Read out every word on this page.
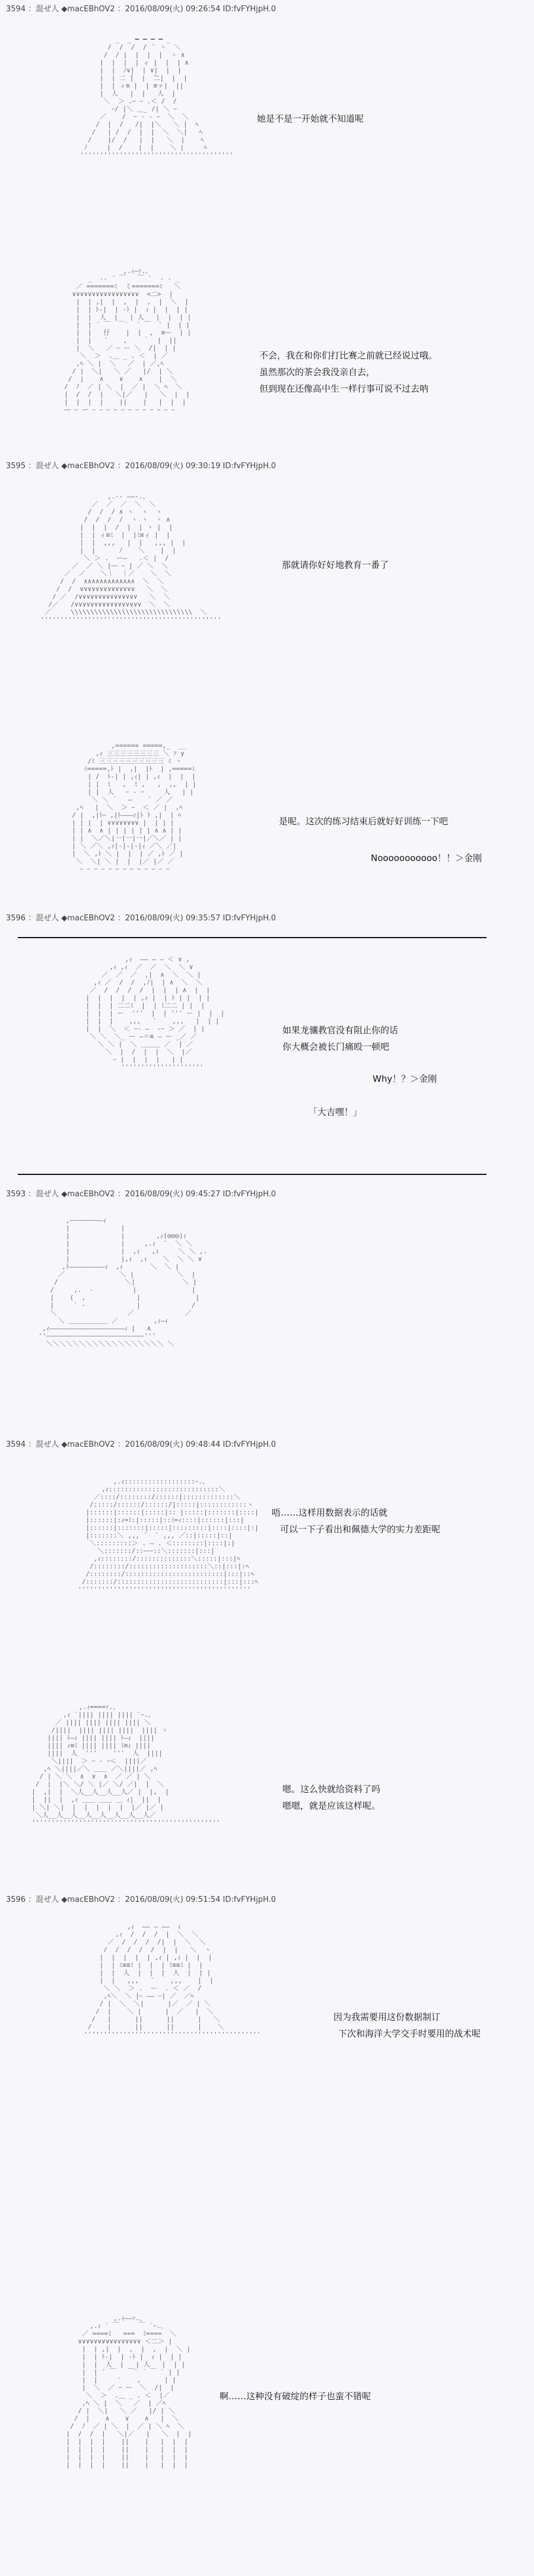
3594 ：混ぜ人 ◆macEBhOV2 ：2016/08/09(火) 09:26:54 ID:fvFYHjpH.0
_  _ ━ ━ ━ ━ _
/  /  /  /  ﾟ ヽ  ＼
/  / |  |  |  |  ヽ ∧
|  |  |  | ィ |  |  | ∧
|  |  ﾉ∨|  | ∨|  |  |
|  | 二 ̄|  |  ̄二|  |  |
|  | ィ≡ |  | ≡ァ|  ||
|  人   |  |   人  |
＼  ＞ .ｰ ｰ .＜ /  /
ｰ/ |＼ ＿_ /| ＼ ｰ
／    /  ｰ ‐ ‐ ｰ  ＼  ＼
/  |  /   /|  |＼   ＼ |  ﾍ
/   | /  /  |  |  ＼  ＼|   ﾍ
/    |/  /   |  |   ＼  |    ﾍ
ﾉ     |  /    |  |    ＼ |     ﾍ
'''''''''''''''''''''''''''''''''''''''
她是不是一开始就不知道呢
,.ｨ―ｧ.、
_  -‐ ´ ￣   ￣ `  ‐ - _
／ =======ﾐ  ミ=======ﾐ   ＼
∨∨∨∨∨∨∨∨∨∨∨∨∨∨∨∨∨  <二>  |
|  | ,|  |  ,  |  ,  |  ＼  |
|  | ﾄ-|  | -ﾄ |  ｨ |  |  | |
|  |  人  |   | 人   |  |  | |
|  | ´ ￣  ￣`  ´ ￣  ` |  | |
|  |   仔    |  |  ,  ≡ー  | |
|  |   ´    ,    ｀  |  ||
|  ＼   ／ ｰ ー ＼  /|  | |
＼  ＞  .＿ _ . ＜  | ／
,ﾍ ＼ |  ＼   ／  | ／,ﾍ
/ |  ＼|   ＼ ／   |/  | ＼
/  |    ∧    ∨    ∧    |  ＼
/  ﾉ  ／ | ＼  |  ／ |  ＼ ﾍ  ＼
|  /  /  |   ＼|／   |   ＼  |  |
|  |  |  |    ||    |   |  |  |
ｰｰ ｰ ー ｰ ｰ ｰ ｰ ｰ ｰ ｰ ｰ ｰ ｰ ｰ ｰ
不会，我在和你们打比赛之前就已经说过哦。
虽然那次的茶会我没亲自去，
但到现在还像高中生一样行事可说不过去呐
3595 ：混ぜ人 ◆macEBhOV2 ：2016/08/09(火) 09:30:19 ID:fvFYHjpH.0
,.-‐ ――-.、
／  ／  ／  ＼  ＼
/  /  / ∧ ヽ  ヽ  ヽ
/  /  /  /  ヽ ヽ  ヽ ∧
|  |  |  /  |  | ヽ |  |
|  | ィ≡ﾐ  |  |ﾐ≡ィ |  |
|  |  ,,,   |  |   ,,, |  |
|  |      ﾉ    ＼    |  |
＼ ＞ .  ー―   .＜ |  /
／  ／ ＼ |ｰｰ ｰ | ／ ＼  ＼
／  ／    ＼｜  ｜／    ＼  ＼
/  /  ∧∧∧∧∧∧∧∧∧∧∧∧∧  ＼  ＼
/  /  ∨∨∨∨∨∨∨∨∨∨∨∨∨∨   ＼  ＼
/ ／  /∨∨∨∨∨∨∨∨∨∨∨∨∨∨∨   ＼  ＼
/／   /∨∨∨∨∨∨∨∨∨∨∨∨∨∨∨∨∨  ＼  ＼
／     \\\\\\\\\\\\\\\\\\\\\\\\\\\\\\\  ＼
''''''''''''''''''''''''''''''''''''''''''''''
那就请你好好地教育一番了
,====== =====,_  __
,ｨ 三三三三三三三三 ＼ ｿ y
/ﾐ 三三三三三三三三三三 ﾐ ヽ
ﾐ=====,ﾄ |  ,|  |ﾄ  | ,=====ﾐ
| /  ﾄ-| | ,ｨ| | ,ｨ  |  |  |
| |  ﾐ   ,  ﾐ ,   ,  ,,  | |
| |  人   ｰ ‐ ｰ     人   | |
＼ ＼ ´   ―    ` ／ ／
,ﾍ   |  ＼  ＞ ｰ  ＜ ／ |  ,ﾍ
/ |  ,|ﾄｰ ,|ﾄ―――ｨ|ﾄ ﾄ ,|  | ﾍ
| | |  | ∨∨∨∨∨∨∨∨ |  | | |
| | ∧  ∧ | | | | | | ∧ ∧ | |
| |  ＼／＼|一|一|一|／＼／ | |
| ＼ ／＼ ,ｨ|‐|‐|‐|ｨ ／＼ ／|
|  ＼ ,ﾄ ＼ |  |  | ／ ,ﾄ ／ |
＼  ＼| ＼ |  |  |／ |／ ／
ｰ ｰ ｰ ｰ ｰ ｰ ｰ ｰ ｰ ｰ ｰ ｰ ｰ
是呢。这次的练习结束后就好好训练一下吧
Nooooooooooo！！＞金刚
3596 ：混ぜ人 ◆macEBhOV2 ：2016/08/09(火) 09:35:57 ID:fvFYHjpH.0
,ｨ  ―― ― ― ＜ ∨ ,
,ｨ ,ｨ  ／  ／  ＼  ＼ ∨
／  ／  ／  ,|  ∧  ＼  ＼ |
,ｨ ／  /  /  ,ﾉ|  | ∧  ＼  ＼
／  /  /  /  /  |  |  | ∧  |  |
|  |  |  |  | ,ｨ |  | ﾄ | |  | |
|  |  | 二二ﾐ  |  | ﾐ二二 | |  |
|  |  | ー  '''  |  | ''' ー |  |  |
|  |  |    ,,,   ′    ,,,   |  | |
|  |  ＼  ＜ ｰ‐ ―  ‐ｰ ＞ ／  | |
＼ ＼  ＼_ ー ―＝≡ ― ー _／ ／
＼ ＼ |  ＼ ＿＿＿ ／  | ／
＼  |  /  |  |  ＼  |／
ｰ |  |  |  |   | |
'''''''''''''''''''''
如果龙骧教官没有阻止你的话
你大概会被长门痛殴一顿吧
Why！？＞金刚
「大吉嘿！」
3593 ：混ぜ人 ◆macEBhOV2 ：2016/08/09(火) 09:45:27 ID:fvFYHjpH.0
,ｰｰｰｰｰｰｰｰｰ―ｨ
|             |
|             |        ,ｨ(◎◎◎)ｨ
|             |     ,.ｨ  ̄   ＼ ＼
|             |  ,ｨ   ,ｨ     ＼ ＼ ,.
|             |,ｨ  ,ｨ    ＼  ＼ ＼ ∨
,ﾄ―――――――――ｨ  ,ｨ       ＼  ＼ |
／              ＼ |           ＼  |
/                 ＼|            ＼ |
/     ,.  ‐          |              |
|    (  ,             |              |
|     ` ‐             |             /
＼                  ／             ／
＼ ＿＿＿＿＿＿ ／         ,ｨ―ｨ
,ｨ―――――――――――――――――――ｨ |   ∧
''ｰｰｰｰｰｰｰｰｰｰｰｰｰｰｰｰｰｰｰｰｰｰｰｰｰｰｰｰｰｰ'''
＼＼＼＼＼＼＼＼＼＼＼＼＼＼＼＼＼＼ ＼
3594 ：混ぜ人 ◆macEBhOV2 ：2016/08/09(火) 09:48:44 ID:fvFYHjpH.0
,.ｨ::::::::::::::::::ｰ.、
,ｨ::::::::::::::::::::::::::::＼
／::::/::::::::/::::::|:::::::::::::＼
/:::::/::::::/::::::/|:::::|::::::::::::ヽ
|::::::|::::::|:::::|:: |:::::|:::::::|::::|
|::::::|:ｨ=ﾐ:|:::::|::ﾐ=ｨ::::|::::::|:::|
|::::::|:::::::|:::::|:::::::::|::::|::::|:|
|:::::::＼ ,,, ´  ` ,,, ／::|:::::|::|
＼:::::::::＞ . ― . ＜::::::::|::::|:|
＼:::::::/::ｰｰｰ::＼:::::::|:::|
,ｨ::::::::/::::::::::::::＼:::::|:::|ﾍ
/::::::::/::::::::::::::::::::＼::|:::|:ﾍ
/::::::::/:::::::::::::::::::::::::|:::|::ﾍ
/:::::::/:::::::::::::::::::::::::::|:::|:::ﾍ
''''''''''''''''''''''''''''''''''''''''''''
唔……这样用数据表示的话就
可以一下子看出和佩德大学的实力差距呢
,.ｨ====ｧ.、
,ｨ ´|||| |||| |||| `ｰ.、
／ |||| |||| |||| |||| ＼
/||||  |||| |||| ||||  |||| ヽ
|||| ﾄ―ｨ |||| |||| ﾄ―ｨ  ||||
|||| ｨ≡ﾐ |||| |||| ﾐ≡ｨ ||||
||||  人  '''    '''  人  ||||
＼||||  ＞ ｰ ‐ ｰ＜  ||||／
,ﾍ ＼||||／＼ ＿＿ ／＼||||／ ,ﾍ
/ | ＼ ＼  ∧  ∨  ∧  ／ ／ | ＼
/  |  |＼ ＼/ ＼ |／ ＼/ ／|  |  ＼
|  ,|  |  ＼人__人__人__人／ |  |,  |
|  ||  |  ,ｨ ＿＿ ＿＿ ＿ ｨ|  ||  |
| ＼| ＼|  |  |  |  |  |  |／ |／ |
＼人__人__人__人__人__人__人__人／
''''''''''''''''''''''''''''''''''''''''''''''''
嗯。这么快就给资料了吗
嗯嗯，就是应该这样呢。
3596 ：混ぜ人 ◆macEBhOV2 ：2016/08/09(火) 09:51:54 ID:fvFYHjpH.0
,ｨ  ―― ― ――  ｨ
,ｨ  /  /  /  |  ＼  ＼
／  /  /  /  /|  |  ＼  ＼
/  /  /  /  /  |  |   ＼  ヽ
|  |  |  |  | ,ｨ | ,ｨ |  |  |
|  | ﾐ≡≡ﾐ |  |  | ﾐ≡≡ﾐ |  |
|  |  人  |  |  |  人  |  | |
|  |   ,,,   ′    ,,,    |  |
＼ ＼  ＞ .  ー  . ＜ ／  /
,ﾍ＼  ＼ |ｰ ―― ｰ| ／  ／ﾍ
/ |  ＼  ＼|      |／  ／ | ＼
/  |    ＼ |      |  ／   |  ＼
/   |      ||      ||      |   ＼
/    |      ||      ||      |    ＼
'''''''''''''''''''''''''''''''''''''''''''''
因为我需要用这份数据制订
下次和海洋大学交手时要用的战术呢
,.ｨ――ｧ.、
,.ｨ ´ ￣     ￣ `ｰ.、
／ ====ﾐ   ===  ﾐ====  ＼
∨∨∨∨∨∨∨∨∨∨∨∨∨∨∨∨ ＜二＞ |
|  | ,|  |  ,  |  ,  |  ＼ |
|  | ﾄ-|  | -ﾄ |  ｨ |  | |
|  |  人  |   | 人   |  | |
|  | ´ ￣   ￣` ´ ￣ ` | |
|  |     ′    ,      | |
|  ＼  ／ ｰ ー  ＼  /|  |
＼  ＞  .＿ _ . ＜  |／
,ﾍ ＼ |  ＼   ／  | ／ﾍ
/ |  ＼|   ＼ ／   |/ | ＼
/  |    ∧    ∨    ∧   |  ＼
/  ﾉ  ／ | ＼  |  ／ | ＼ ﾍ  ＼
|  /  /  |   ＼|／   |   ＼  |  |
|  |  |  |    ||    |   |  |  |
|  |  |  |    ||    |   |  |  |
|  |  |  |    ||    |   |  |  |
|  |  |  |    ||    |   |  |  |
啊……这种没有破绽的样子也蛮不错呢
